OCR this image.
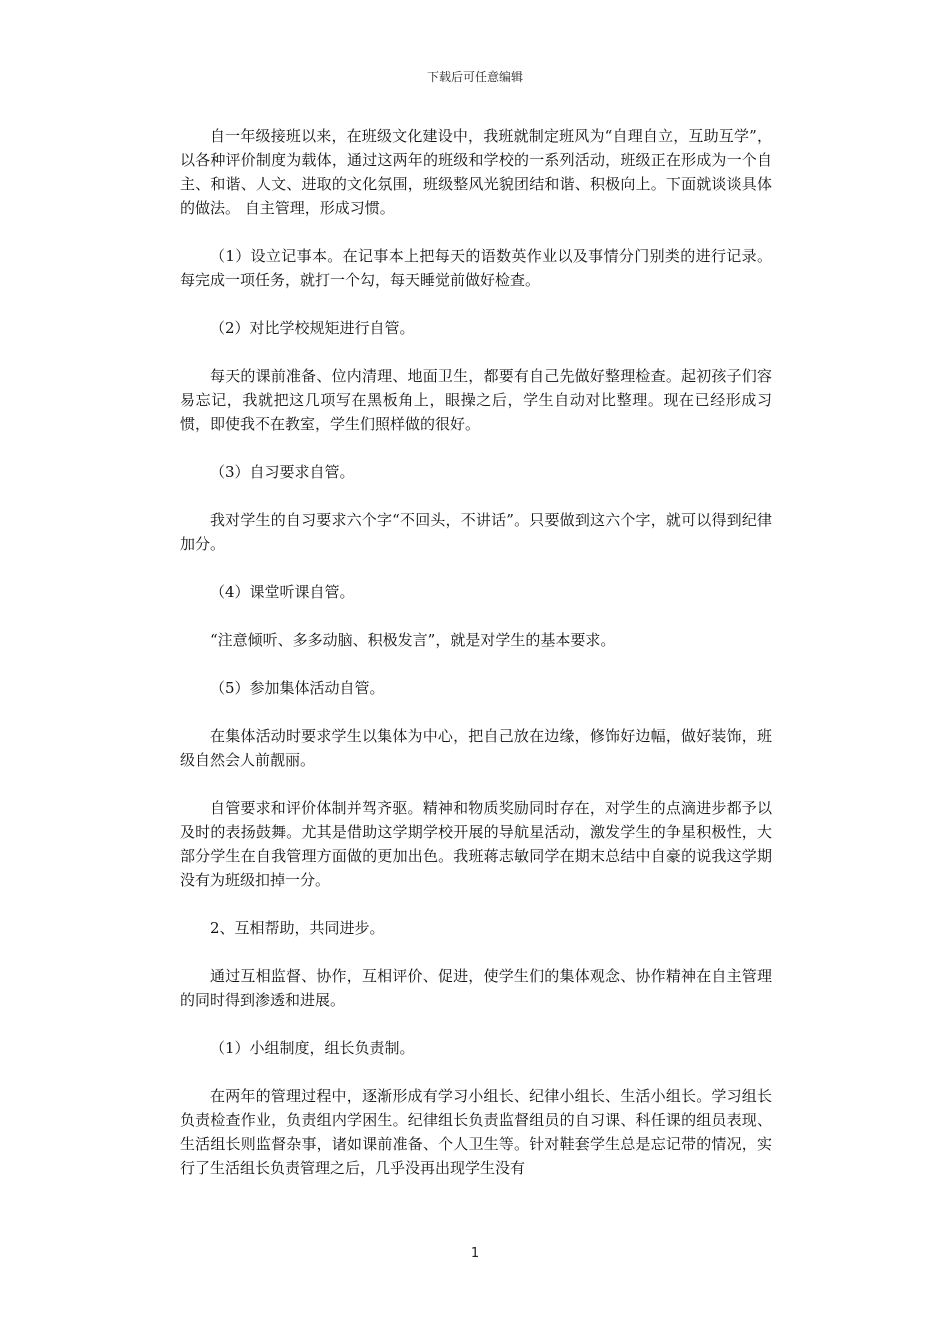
下载后可任意编辑

自一年级接班以来，在班级文化建设中，我班就制定班风为“自理自立，互助互学”，以各种评价制度为载体，通过这两年的班级和学校的一系列活动，班级正在形成为一个自主、和谐、人文、进取的文化氛围，班级整风光貌团结和谐、积极向上。下面就谈谈具体的做法。 自主管理，形成习惯。

（1）设立记事本。在记事本上把每天的语数英作业以及事情分门别类的进行记录。每完成一项任务，就打一个勾，每天睡觉前做好检查。

（2）对比学校规矩进行自管。

每天的课前准备、位内清理、地面卫生，都要有自己先做好整理检查。起初孩子们容易忘记，我就把这几项写在黑板角上，眼操之后，学生自动对比整理。现在已经形成习惯，即使我不在教室，学生们照样做的很好。

（3）自习要求自管。

我对学生的自习要求六个字“不回头，不讲话”。只要做到这六个字，就可以得到纪律加分。

（4）课堂听课自管。

“注意倾听、多多动脑、积极发言”，就是对学生的基本要求。

（5）参加集体活动自管。

在集体活动时要求学生以集体为中心，把自己放在边缘，修饰好边幅，做好装饰，班级自然会人前靓丽。

自管要求和评价体制并驾齐驱。精神和物质奖励同时存在，对学生的点滴进步都予以及时的表扬鼓舞。尤其是借助这学期学校开展的导航星活动，激发学生的争星积极性，大部分学生在自我管理方面做的更加出色。我班蒋志敏同学在期末总结中自豪的说我这学期没有为班级扣掉一分。

2、互相帮助，共同进步。

通过互相监督、协作，互相评价、促进，使学生们的集体观念、协作精神在自主管理的同时得到渗透和进展。

（1）小组制度，组长负责制。

在两年的管理过程中，逐渐形成有学习小组长、纪律小组长、生活小组长。学习组长负责检查作业，负责组内学困生。纪律组长负责监督组员的自习课、科任课的组员表现、生活组长则监督杂事，诸如课前准备、个人卫生等。针对鞋套学生总是忘记带的情况，实行了生活组长负责管理之后，几乎没再出现学生没有

1
